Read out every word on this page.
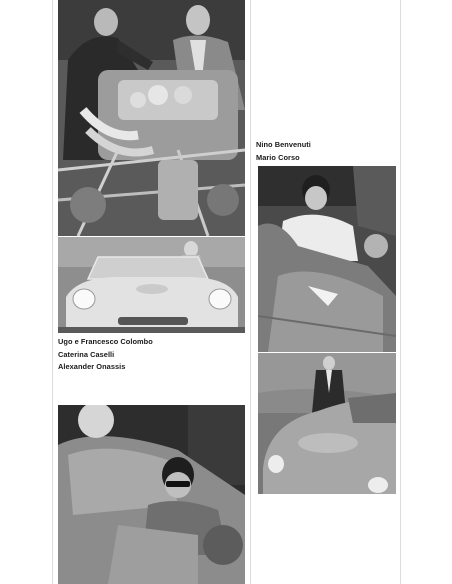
Ugo e Francesco Colombo
Caterina Caselli
Alexander Onassis
Nino Benvenuti
Mario Corso
